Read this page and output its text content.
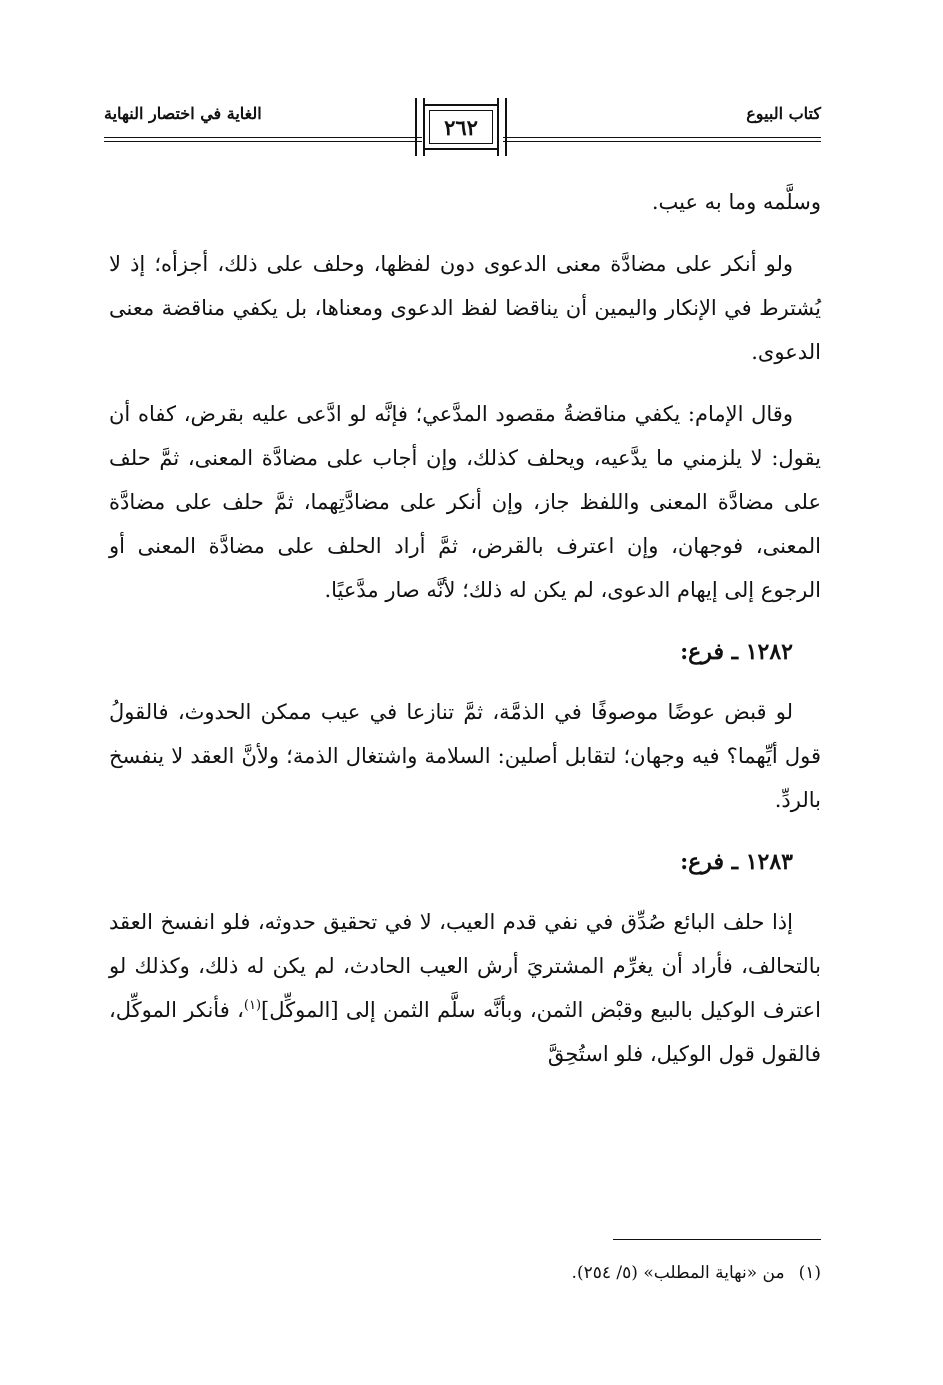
كتاب البيوع
الغاية في اختصار النهاية
٢٦٢

وسلَّمه وما به عيب.

ولو أنكر على مضادَّة معنى الدعوى دون لفظها، وحلف على ذلك، أجزأه؛ إذ لا يُشترط في الإنكار واليمين أن يناقضا لفظ الدعوى ومعناها، بل يكفي مناقضة معنى الدعوى.

وقال الإمام: يكفي مناقضةُ مقصود المدَّعي؛ فإنَّه لو ادَّعى عليه بقرض، كفاه أن يقول: لا يلزمني ما يدَّعيه، ويحلف كذلك، وإن أجاب على مضادَّة المعنى، ثمَّ حلف على مضادَّة المعنى واللفظ جاز، وإن أنكر على مضادَّتِهما، ثمَّ حلف على مضادَّة المعنى، فوجهان، وإن اعترف بالقرض، ثمَّ أراد الحلف على مضادَّة المعنى أو الرجوع إلى إيهام الدعوى، لم يكن له ذلك؛ لأنَّه صار مدَّعيًا.

١٢٨٢ ـ فرع:

لو قبض عوضًا موصوفًا في الذمَّة، ثمَّ تنازعا في عيب ممكن الحدوث، فالقولُ قول أيِّهما؟ فيه وجهان؛ لتقابل أصلين: السلامة واشتغال الذمة؛ ولأنَّ العقد لا ينفسخ بالردِّ.

١٢٨٣ ـ فرع:

إذا حلف البائع صُدِّق في نفي قدم العيب، لا في تحقيق حدوثه، فلو انفسخ العقد بالتحالف، فأراد أن يغرِّم المشتريَ أرش العيب الحادث، لم يكن له ذلك، وكذلك لو اعترف الوكيل بالبيع وقبْض الثمن، وبأنَّه سلَّم الثمن إلى [الموكِّل]$^{(١)}$، فأنكر الموكِّل، فالقول قول الوكيل، فلو استُحِقَّ

(١)من «نهاية المطلب» (٥/ ٢٥٤).
